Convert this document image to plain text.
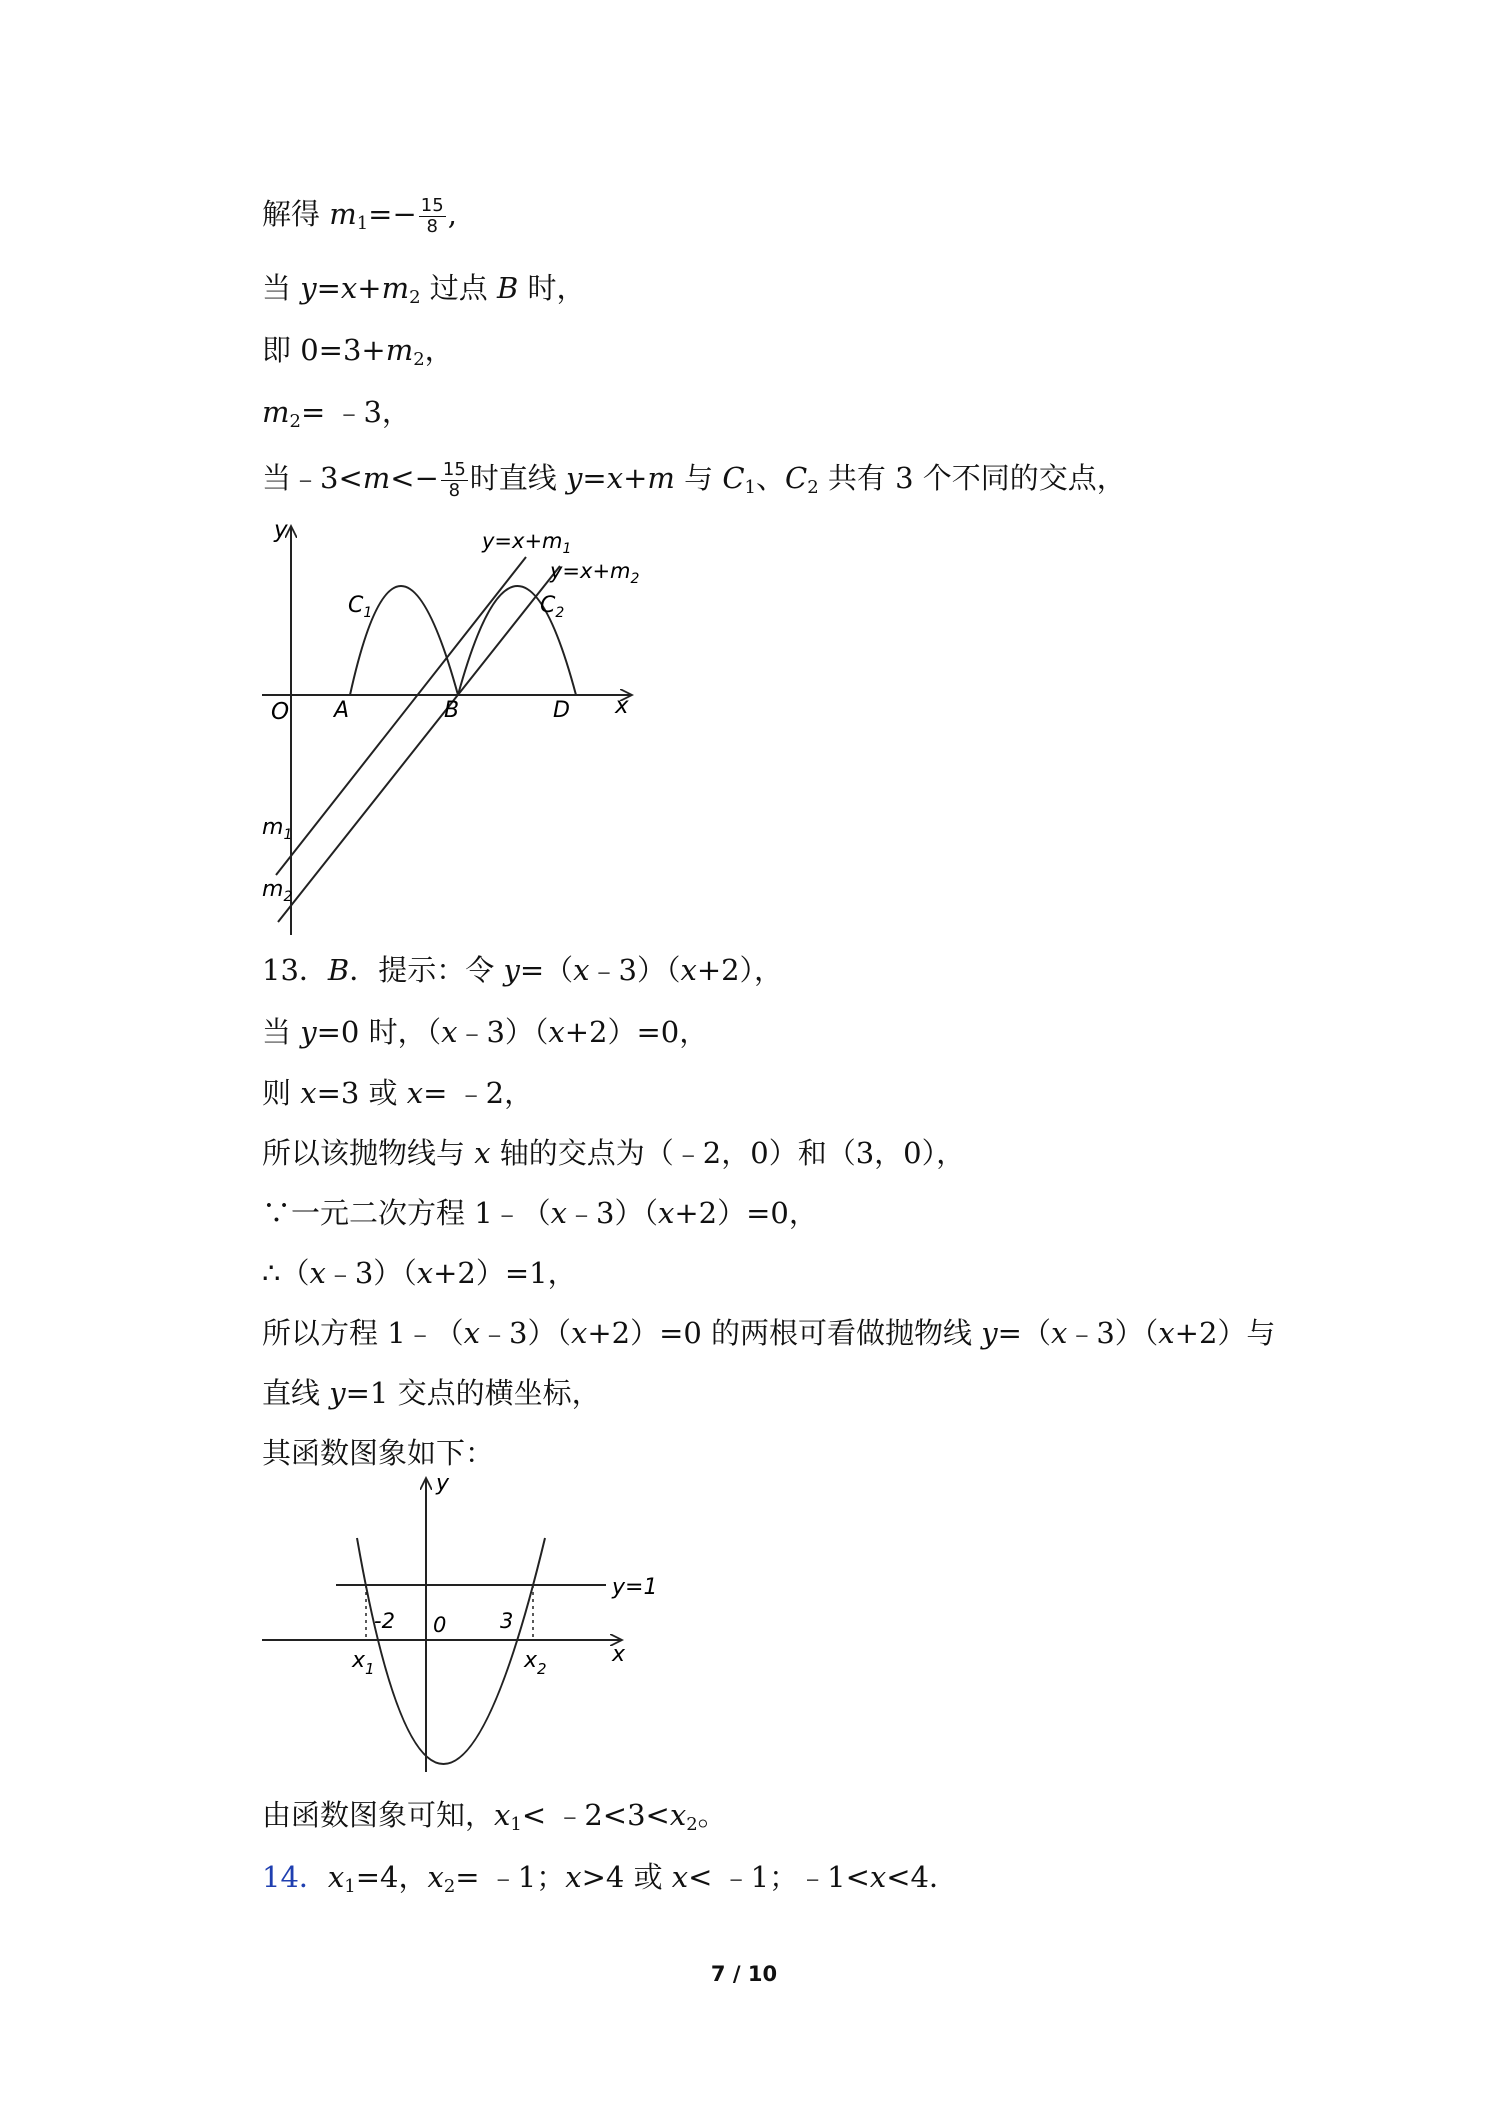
解得 $m_1=- \frac{15}{8}$ ,
当 $y=x+m_2$ 过点 B 时，
即 $0=3+m_2$，
$m_2=$ ﹣3，
当﹣3<m<− $\frac{15}{8}$ 时直线 y=x+m 与 $C_1$、$C_2$ 共有 3 个不同的交点，
y
x
O A	B	D
$C_1$	$C_2$
$y=x+m_1$
$y=x+m_2$
$m_1$
$m_2$
13．B．提示：令 y=（x﹣3）（x+2），
当 y=0 时，（x﹣3）（x+2）=0，
则 x=3 或 x= ﹣2，
所以该抛物线与 x 轴的交点为（﹣2，0）和（3，0），
∵一元二次方程 1﹣（x﹣3）（x+2）=0，
∴（x﹣3）（x+2）=1，
所以方程 1﹣（x﹣3）（x+2）=0 的两根可看做抛物线 y=（x﹣3）（x+2）与
直线 y=1 交点的横坐标，
其函数图象如下：
y
x
y=1
-2 0	3
$x_1$	$x_2$
由函数图象可知，$x_1<$ $﹣2<3<x_2$。
14．$x_1=4$，$x_2=$ ﹣1；x>4 或 x< ﹣1；﹣1<x<4．
7 / 10
